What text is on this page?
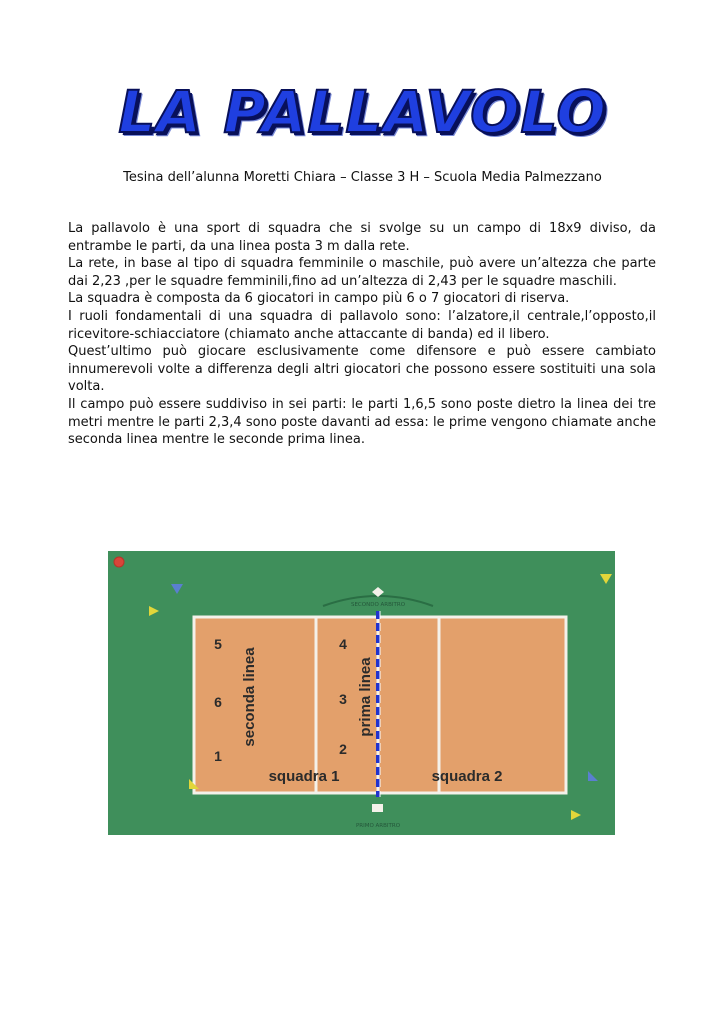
LA PALLAVOLO
Tesina dell’alunna Moretti Chiara – Classe 3 H – Scuola Media Palmezzano

La pallavolo è una sport di squadra che si svolge su un campo di 18x9 diviso, da entrambe le parti, da una linea posta 3 m dalla rete.

La rete, in base al tipo di squadra femminile o maschile, può avere un’altezza che parte dai 2,23 ,per le squadre femminili,fino ad un’altezza di 2,43 per le squadre maschili.

La squadra è composta da 6 giocatori in campo più 6 o 7 giocatori di riserva.

I ruoli fondamentali di una squadra di pallavolo sono: l’alzatore,il centrale,l’opposto,il ricevitore-schiacciatore (chiamato anche attaccante di banda) ed il libero.

Quest’ultimo può giocare esclusivamente come difensore e può essere cambiato innumerevoli volte a differenza degli altri giocatori che possono essere sostituiti una sola volta.

Il campo può essere suddiviso in sei parti: le parti 1,6,5 sono poste dietro la linea dei tre metri mentre le parti 2,3,4 sono poste davanti ad essa: le prime vengono chiamate anche seconda linea mentre le seconde prima linea.

SECONDO ARBITRO
5
6
1
4
3
2
seconda linea	prima linea
squadra 1	squadra 2
PRIMO ARBITRO
